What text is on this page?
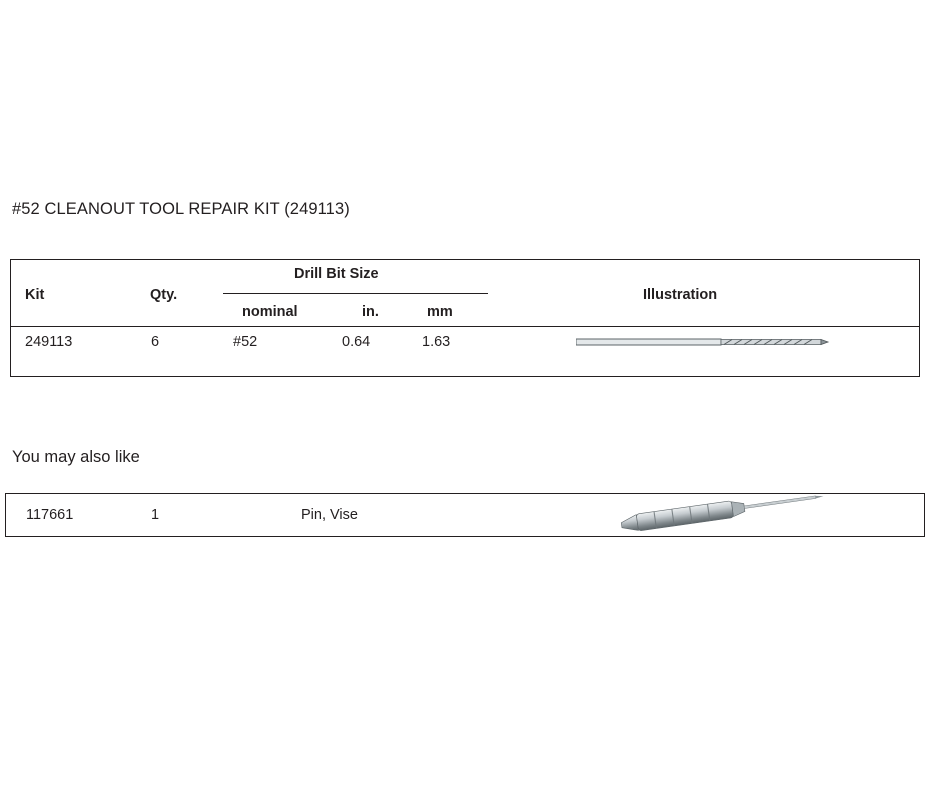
#52 CLEANOUT TOOL REPAIR KIT (249113)
Kit	Qty.
Drill Bit Size
nominal	in.	mm
Illustration
249113	6	#52	0.64	1.63
You may also like
117661	1	Pin, Vise
